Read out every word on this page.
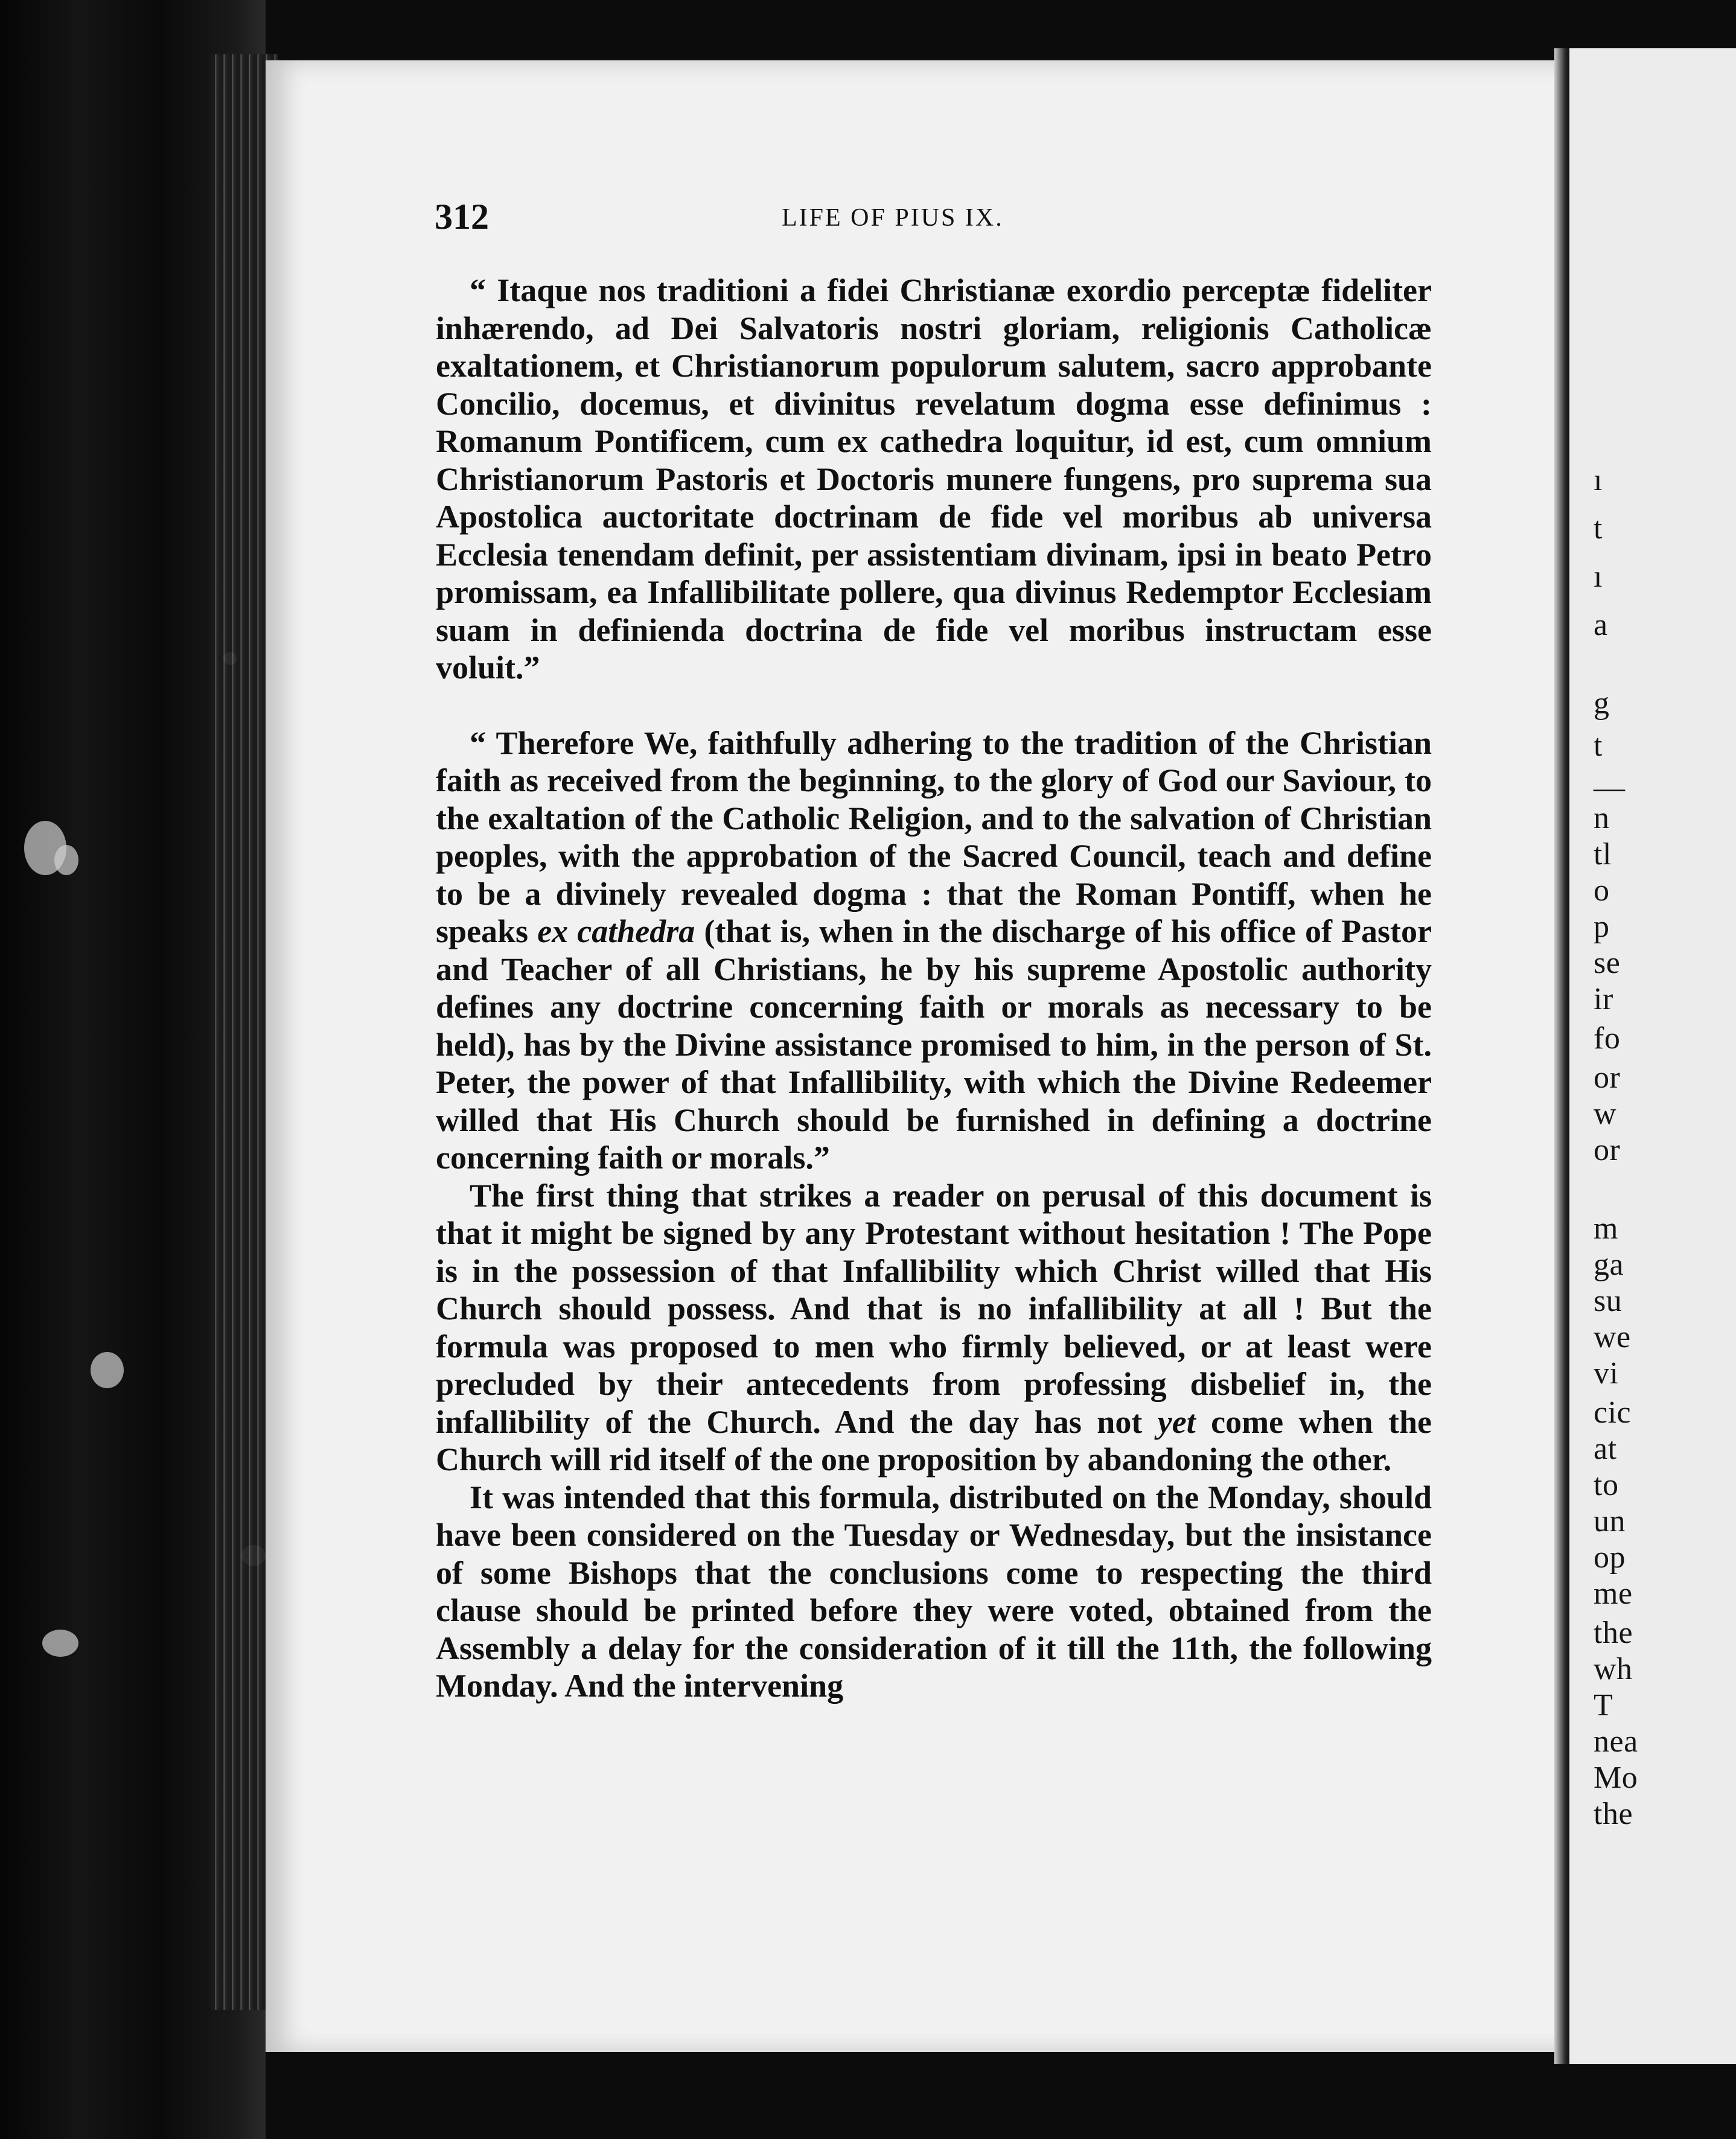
ı
t
ı
a
g
t
—
n
tl
o
p
se
ir
fo
or
w
or
m
ga
su
we
vi
cic
at
to
un
op
me
the
wh
T
nea
Mo
the
312	LIFE OF PIUS IX.

“ Itaque nos traditioni a fidei Christianæ exordio perceptæ fideliter inhærendo, ad Dei Salvatoris nostri gloriam, religionis Catholicæ exaltationem, et Christianorum populorum salutem, sacro approbante Concilio, docemus, et divinitus revelatum dogma esse definimus : Romanum Pontificem, cum ex cathedra loquitur, id est, cum omnium Christianorum Pastoris et Doctoris munere fungens, pro suprema sua Apostolica auctoritate doctrinam de fide vel moribus ab universa Ecclesia tenendam definit, per assistentiam divinam, ipsi in beato Petro promissam, ea Infallibilitate pollere, qua divinus Redemptor Ecclesiam suam in definienda doctrina de fide vel moribus instructam esse voluit.”

“ Therefore We, faithfully adhering to the tradition of the Christian faith as received from the beginning, to the glory of God our Saviour, to the exaltation of the Catholic Religion, and to the salvation of Christian peoples, with the approbation of the Sacred Council, teach and define to be a divinely revealed dogma : that the Roman Pontiff, when he speaks ex cathedra (that is, when in the discharge of his office of Pastor and Teacher of all Christians, he by his supreme Apostolic authority defines any doctrine concerning faith or morals as necessary to be held), has by the Divine assistance promised to him, in the person of St. Peter, the power of that Infallibility, with which the Divine Redeemer willed that His Church should be furnished in defining a doctrine concerning faith or morals.”

The first thing that strikes a reader on perusal of this document is that it might be signed by any Protestant without hesitation ! The Pope is in the possession of that Infallibility which Christ willed that His Church should possess. And that is no infallibility at all ! But the formula was proposed to men who firmly believed, or at least were precluded by their antecedents from professing disbelief in, the infallibility of the Church. And the day has not yet come when the Church will rid itself of the one proposition by abandoning the other.

It was intended that this formula, distributed on the Monday, should have been considered on the Tuesday or Wednesday, but the insistance of some Bishops that the conclusions come to respecting the third clause should be printed before they were voted, obtained from the Assembly a delay for the consideration of it till the 11th, the following Monday. And the intervening
